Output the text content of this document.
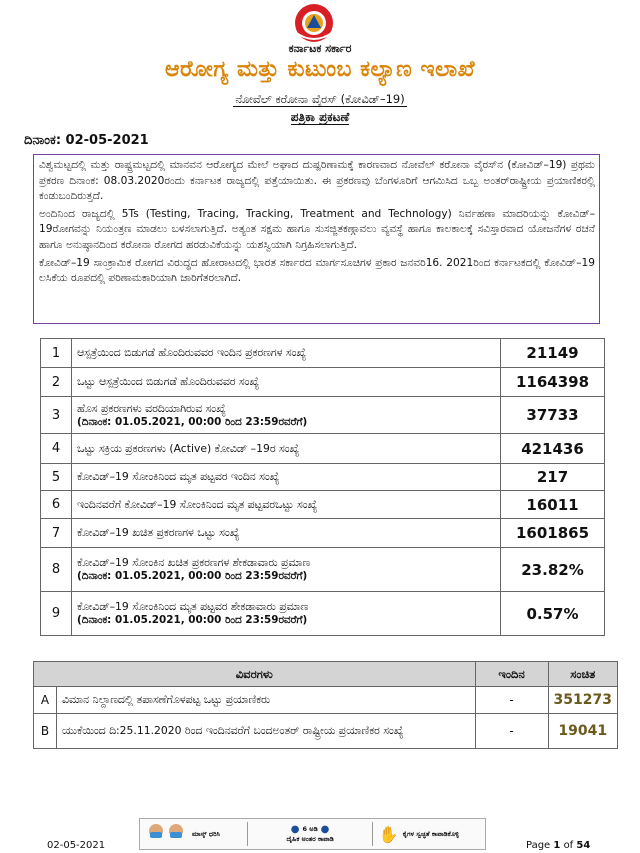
ಕರ್ನಾಟಕ ಸರ್ಕಾರ
ಆರೋಗ್ಯ ಮತ್ತು ಕುಟುಂಬ ಕಲ್ಯಾಣ ಇಲಾಖೆ
ನೋವೆಲ್ ಕರೋನಾ ವೈರಸ್ (ಕೋವಿಡ್–19)
ಪತ್ರಿಕಾ ಪ್ರಕಟಣೆ
ದಿನಾಂಕ: 02-05-2021

ವಿಶ್ವಮಟ್ಟದಲ್ಲಿ ಮತ್ತು ರಾಷ್ಟ್ರಮಟ್ಟದಲ್ಲಿ ಮಾನವನ ಆರೋಗ್ಯದ ಮೇಲೆ ಅಘಾದ ದುಷ್ಪರಿಣಾಮಕ್ಕೆ ಕಾರಣವಾದ ನೋವೆಲ್ ಕರೋನಾ ವೈರಸ್‌ನ (ಕೋವಿಡ್–19) ಪ್ರಥಮ ಪ್ರಕರಣ ದಿನಾಂಕ: 08.03.2020ರಂದು ಕರ್ನಾಟಕ ರಾಜ್ಯದಲ್ಲಿ ಪತ್ತೆಯಾಯಿತು. ಈ ಪ್ರಕರಣವು ಬೆಂಗಳೂರಿಗೆ ಆಗಮಿಸಿದ ಒಬ್ಬ ಅಂತರ್‌ರಾಷ್ಟ್ರೀಯ ಪ್ರಯಾಣಿಕರಲ್ಲಿ ಕಂಡುಬಂದಿರುತ್ತದೆ.

ಅಂದಿನಿಂದ ರಾಜ್ಯದಲ್ಲಿ 5Ts (Testing, Tracing, Tracking, Treatment and Technology) ನಿರ್ವಹಣಾ ಮಾದರಿಯನ್ನು ಕೋವಿಡ್–19ರೋಗವನ್ನು ನಿಯಂತ್ರಣ ಮಾಡಲು ಬಳಸಲಾಗುತ್ತಿದೆ. ಅತ್ಯಂತ ಸಕ್ಷಮ ಹಾಗೂ ಸುಸಜ್ಜಿತಕಣ್ಗಾವಲು ವ್ಯವಸ್ಥೆ ಹಾಗೂ ಕಾಲಕಾಲಕ್ಕೆ ಸವಿಸ್ತಾರವಾದ ಯೋಜನೆಗಳ ರಚನೆ ಹಾಗೂ ಅನುಷ್ಠಾನದಿಂದ ಕರೋನಾ ರೋಗದ ಹರಡುವಿಕೆಯನ್ನು ಯಶಸ್ವಿಯಾಗಿ ನಿಗ್ರಹಿಸಲಾಗುತ್ತಿದೆ.

ಕೋವಿಡ್–19 ಸಾಂಕ್ರಾಮಿಕ ರೋಗದ ವಿರುದ್ಧದ ಹೋರಾಟದಲ್ಲಿ ಭಾರತ ಸರ್ಕಾರದ ಮಾರ್ಗಸೂಚಿಗಳ ಪ್ರಕಾರ ಜನವರಿ16. 2021ರಿಂದ ಕರ್ನಾಟಕದಲ್ಲಿ ಕೋವಿಡ್–19 ಲಸಿಕೆಯ ರೂಪದಲ್ಲಿ ಪರಿಣಾಮಕಾರಿಯಾಗಿ ಜಾರಿಗೆತರಲಾಗಿದೆ.

1	ಆಸ್ಪತ್ರೆಯಿಂದ ಬಿಡುಗಡೆ ಹೊಂದಿರುವವರ ಇಂದಿನ ಪ್ರಕರಣಗಳ ಸಂಖ್ಯೆ	21149
2	ಒಟ್ಟು ಆಸ್ಪತ್ರೆಯಿಂದ ಬಿಡುಗಡೆ ಹೊಂದಿರುವವರ ಸಂಖ್ಯೆ	1164398
3	ಹೊಸ ಪ್ರಕರಣಗಳು ವರದಿಯಾಗಿರುವ ಸಂಖ್ಯೆ
(ದಿನಾಂಕ: 01.05.2021, 00:00 ರಿಂದ 23:59ರವರೆಗೆ)	37733
4	ಒಟ್ಟು ಸಕ್ರಿಯ ಪ್ರಕರಣಗಳು (Active) ಕೋವಿಡ್ –19ರ ಸಂಖ್ಯೆ	421436
5	ಕೋವಿಡ್–19 ಸೋಂಕಿನಿಂದ ಮೃತ ಪಟ್ಟವರ ಇಂದಿನ ಸಂಖ್ಯೆ	217
6	ಇಂದಿನವರೆಗೆ ಕೋವಿಡ್–19 ಸೋಂಕಿನಿಂದ ಮೃತ ಪಟ್ಟವರಒಟ್ಟು ಸಂಖ್ಯೆ	16011
7	ಕೋವಿಡ್–19 ಖಚಿತ ಪ್ರಕರಣಗಳ ಒಟ್ಟು ಸಂಖ್ಯೆ	1601865
8	ಕೋವಿಡ್–19 ಸೋಂಕಿನ ಖಚಿತ ಪ್ರಕರಣಗಳ ಶೇಕಡಾವಾರು ಪ್ರಮಾಣ
(ದಿನಾಂಕ: 01.05.2021, 00:00 ರಿಂದ 23:59ರವರೆಗೆ)	23.82%
9	ಕೋವಿಡ್–19 ಸೋಂಕಿನಿಂದ ಮೃತ ಪಟ್ಟವರ ಶೇಕಡಾವಾರು ಪ್ರಮಾಣ
(ದಿನಾಂಕ: 01.05.2021, 00:00 ರಿಂದ 23:59ರವರೆಗೆ)	0.57%
ವಿವರಗಳು		ಇಂದಿನ	ಸಂಚಿತ
A	ವಿಮಾನ ನಿಲ್ದಾಣದಲ್ಲಿ ತಪಾಸಣೆಗೊಳಪಟ್ಟ ಒಟ್ಟು ಪ್ರಯಾಣಿಕರು	-	351273
B	ಯುಕೆಯಿಂದ ದಿ:25.11.2020 ರಿಂದ ಇಂದಿನವರೆಗೆ ಬಂದಅಂತರ್ ರಾಷ್ಟ್ರೀಯ ಪ್ರಯಾಣಿಕರ ಸಂಖ್ಯೆ	-	19041
02-05-2021
ಮಾಸ್ಕ್ ಧರಿಸಿ	● 6 ಅಡಿ ●
ದೈಹಿಕ ಅಂತರ ಕಾಪಾಡಿ	✋ ಕೈಗಳ ಸ್ವಚ್ಛತೆ ಕಾಪಾಡಿಕೊಳ್ಳಿ
Page 1 of 54
